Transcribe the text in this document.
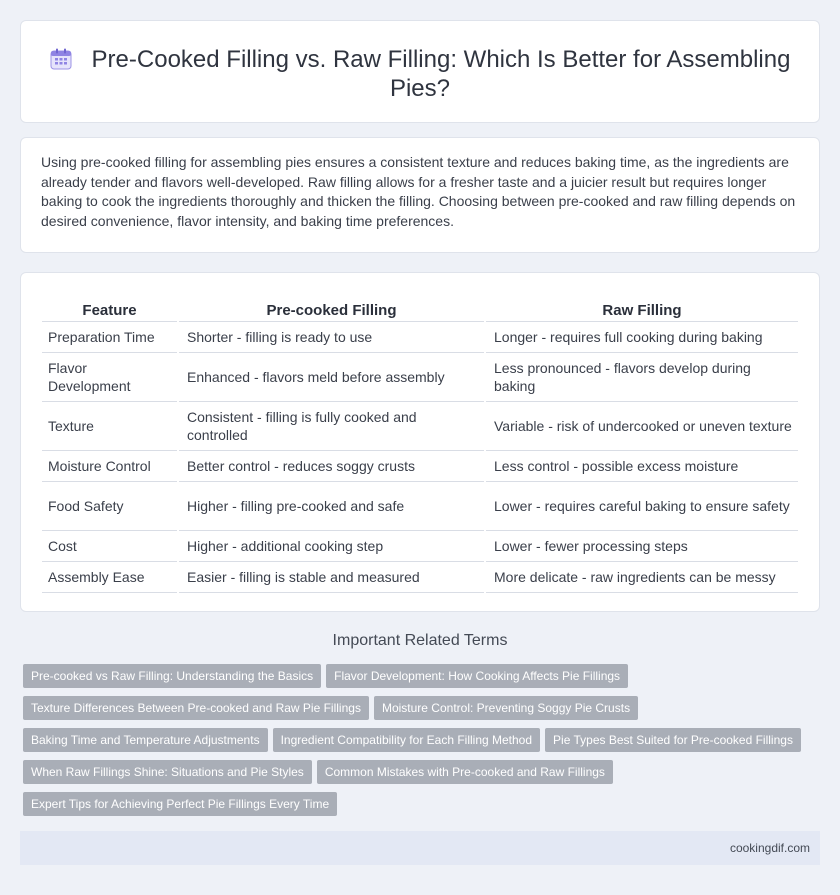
Pre-Cooked Filling vs. Raw Filling: Which Is Better for Assembling Pies?

Using pre-cooked filling for assembling pies ensures a consistent texture and reduces baking time, as the ingredients are already tender and flavors well-developed. Raw filling allows for a fresher taste and a juicier result but requires longer baking to cook the ingredients thoroughly and thicken the filling. Choosing between pre-cooked and raw filling depends on desired convenience, flavor intensity, and baking time preferences.

Feature	Pre-cooked Filling	Raw Filling
Preparation Time	Shorter - filling is ready to use	Longer - requires full cooking during baking
Flavor Development	Enhanced - flavors meld before assembly	Less pronounced - flavors develop during baking
Texture	Consistent - filling is fully cooked and controlled	Variable - risk of undercooked or uneven texture
Moisture Control	Better control - reduces soggy crusts	Less control - possible excess moisture
Food Safety	Higher - filling pre-cooked and safe	Lower - requires careful baking to ensure safety
Cost	Higher - additional cooking step	Lower - fewer processing steps
Assembly Ease	Easier - filling is stable and measured	More delicate - raw ingredients can be messy
Important Related Terms
Pre-cooked vs Raw Filling: Understanding the Basics Flavor Development: How Cooking Affects Pie Fillings
Texture Differences Between Pre-cooked and Raw Pie Fillings Moisture Control: Preventing Soggy Pie Crusts
Baking Time and Temperature Adjustments Ingredient Compatibility for Each Filling Method Pie Types Best Suited for Pre-cooked Fillings
When Raw Fillings Shine: Situations and Pie Styles Common Mistakes with Pre-cooked and Raw Fillings
Expert Tips for Achieving Perfect Pie Fillings Every Time
cookingdif.com
